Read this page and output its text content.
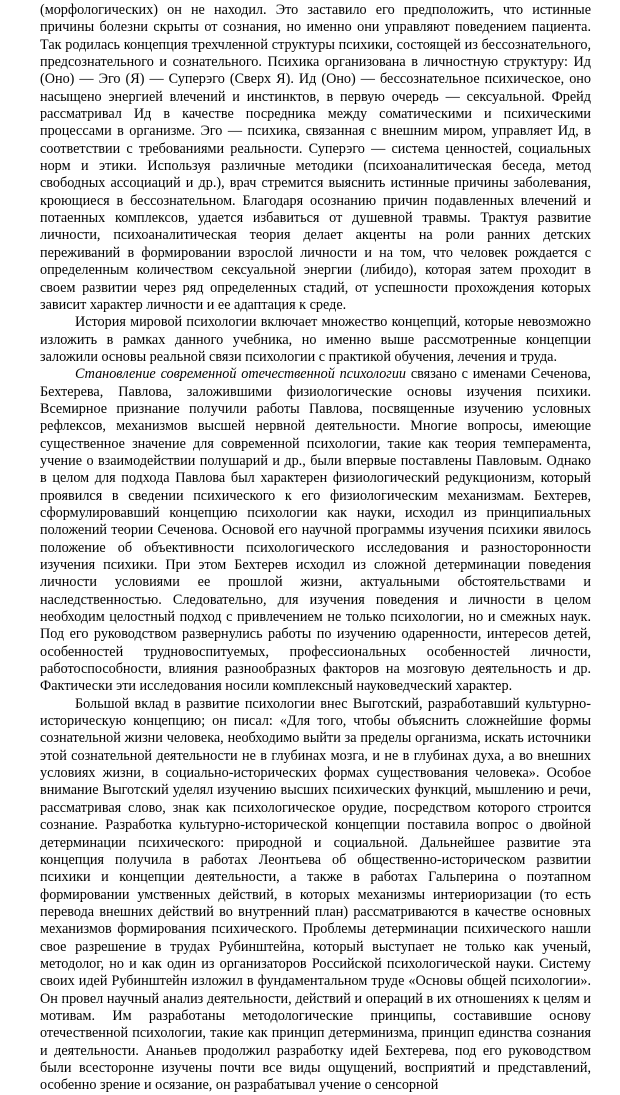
(морфологических) он не находил. Это заставило его предположить, что истинные причины болезни скрыты от сознания, но именно они управляют поведением пациента. Так родилась концепция трехчленной структуры психики, состоящей из бессознательного, предсознательного и сознательного. Психика организована в личностную структуру: Ид (Оно) — Эго (Я) — Суперэго (Сверх Я). Ид (Оно) — бессознательное психическое, оно насыщено энергией влечений и инстинктов, в первую очередь — сексуальной. Фрейд рассматривал Ид в качестве посредника между соматическими и психическими процессами в организме. Эго — психика, связанная с внешним миром, управляет Ид, в соответствии с требованиями реальности. Суперэго — система ценностей, социальных норм и этики. Используя различные методики (психоаналитическая беседа, метод свободных ассоциаций и др.), врач стремится выяснить истинные причины заболевания, кроющиеся в бессознательном. Благодаря осознанию причин подавленных влечений и потаенных комплексов, удается избавиться от душевной травмы. Трактуя развитие личности, психоаналитическая теория делает акценты на роли ранних детских переживаний в формировании взрослой личности и на том, что человек рождается с определенным количеством сексуальной энергии (либидо), которая затем проходит в своем развитии через ряд определенных стадий, от успешности прохождения которых зависит характер личности и ее адаптация к среде.

История мировой психологии включает множество концепций, которые невозможно изложить в рамках данного учебника, но именно выше рассмотренные концепции заложили основы реальной связи психологии с практикой обучения, лечения и труда.

Становление современной отечественной психологии связано с именами Сеченова, Бехтерева, Павлова, заложившими физиологические основы изучения психики. Всемирное признание получили работы Павлова, посвященные изучению условных рефлексов, механизмов высшей нервной деятельности. Многие вопросы, имеющие существенное значение для современной психологии, такие как теория темперамента, учение о взаимодействии полушарий и др., были впервые поставлены Павловым. Однако в целом для подхода Павлова был характерен физиологический редукционизм, который проявился в сведении психического к его физиологическим механизмам. Бехтерев, сформулировавший концепцию психологии как науки, исходил из принципиальных положений теории Сеченова. Основой его научной программы изучения психики явилось положение об объективности психологического исследования и разносторонности изучения психики. При этом Бехтерев исходил из сложной детерминации поведения личности условиями ее прошлой жизни, актуальными обстоятельствами и наследственностью. Следовательно, для изучения поведения и личности в целом необходим целостный подход с привлечением не только психологии, но и смежных наук. Под его руководством развернулись работы по изучению одаренности, интересов детей, особенностей трудновоспитуемых, профессиональных особенностей личности, работоспособности, влияния разнообразных факторов на мозговую деятельность и др. Фактически эти исследования носили комплексный науковедческий характер.

Большой вклад в развитие психологии внес Выготский, разработавший культурно-историческую концепцию; он писал: «Для того, чтобы объяснить сложнейшие формы сознательной жизни человека, необходимо выйти за пределы организма, искать источники этой сознательной деятельности не в глубинах мозга, и не в глубинах духа, а во внешних условиях жизни, в социально-исторических формах существования человека». Особое внимание Выготский уделял изучению высших психических функций, мышлению и речи, рассматривая слово, знак как психологическое орудие, посредством которого строится сознание. Разработка культурно-исторической концепции поставила вопрос о двойной детерминации психического: природной и социальной. Дальнейшее развитие эта концепция получила в работах Леонтьева об общественно-историческом развитии психики и концепции деятельности, а также в работах Гальперина о поэтапном формировании умственных действий, в которых механизмы интериоризации (то есть перевода внешних действий во внутренний план) рассматриваются в качестве основных механизмов формирования психического. Проблемы детерминации психического нашли свое разрешение в трудах Рубинштейна, который выступает не только как ученый, методолог, но и как один из организаторов Российской психологической науки. Систему своих идей Рубинштейн изложил в фундаментальном труде «Основы общей психологии». Он провел научный анализ деятельности, действий и операций в их отношениях к целям и мотивам. Им разработаны методологические принципы, составившие основу отечественной психологии, такие как принцип детерминизма, принцип единства сознания и деятельности. Ананьев продолжил разработку идей Бехтерева, под его руководством были всесторонне изучены почти все виды ощущений, восприятий и представлений, особенно зрение и осязание, он разрабатывал учение о сенсорной
